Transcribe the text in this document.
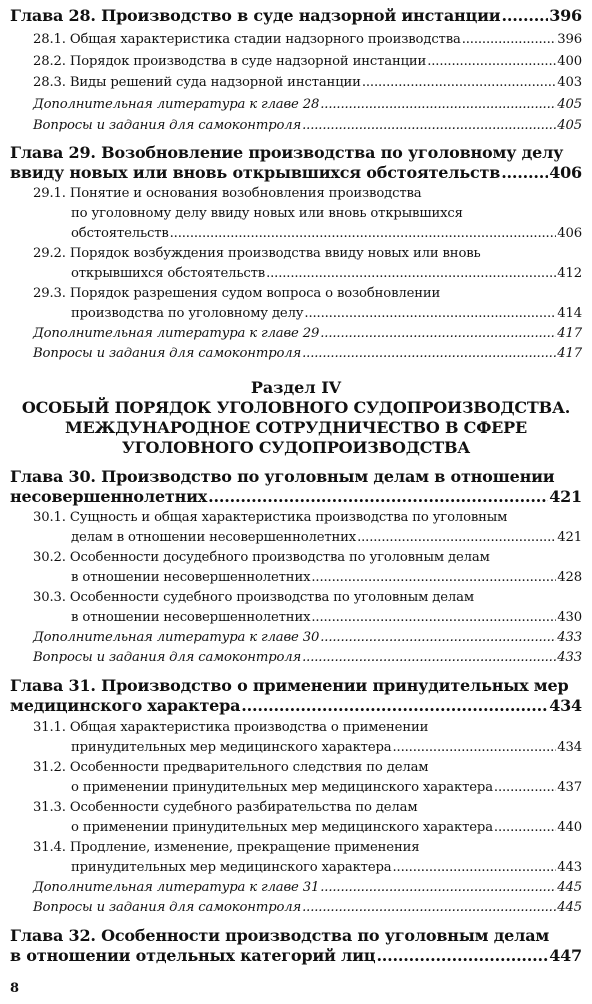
Глава 28. Производство в суде надзорной инстанции .....	396
28.1. Общая характеристика стадии надзорного производства .....	396
28.2. Порядок производства в суде надзорной инстанции .....	400
28.3. Виды решений суда надзорной инстанции .....	403
Дополнительная литература к главе 28 .....	405
Вопросы и задания для самоконтроля .....	405
Глава 29. Возобновление производства по уголовному делу
ввиду новых или вновь открывшихся обстоятельств .....	406
29.1. Понятие и основания возобновления производства
по уголовному делу ввиду новых или вновь открывшихся
обстоятельств .....	406
29.2. Порядок возбуждения производства ввиду новых или вновь
открывшихся обстоятельств .....	412
29.3. Порядок разрешения судом вопроса о возобновлении
производства по уголовному делу .....	414
Дополнительная литература к главе 29 .....	417
Вопросы и задания для самоконтроля .....	417
Раздел IV
ОСОБЫЙ ПОРЯДОК УГОЛОВНОГО СУДОПРОИЗВОДСТВА.
МЕЖДУНАРОДНОЕ СОТРУДНИЧЕСТВО В СФЕРЕ
УГОЛОВНОГО СУДОПРОИЗВОДСТВА
Глава 30. Производство по уголовным делам в отношении
несовершеннолетних .....	421
30.1. Сущность и общая характеристика производства по уголовным
делам в отношении несовершеннолетних .....	421
30.2. Особенности досудебного производства по уголовным делам
в отношении несовершеннолетних .....	428
30.3. Особенности судебного производства по уголовным делам
в отношении несовершеннолетних .....	430
Дополнительная литература к главе 30 .....	433
Вопросы и задания для самоконтроля .....	433
Глава 31. Производство о применении принудительных мер
медицинского характера .....	434
31.1. Общая характеристика производства о применении
принудительных мер медицинского характера .....	434
31.2. Особенности предварительного следствия по делам
о применении принудительных мер медицинского характера .....	437
31.3. Особенности судебного разбирательства по делам
о применении принудительных мер медицинского характера .....	440
31.4. Продление, изменение, прекращение применения
принудительных мер медицинского характера .....	443
Дополнительная литература к главе 31 .....	445
Вопросы и задания для самоконтроля .....	445
Глава 32. Особенности производства по уголовным делам
в отношении отдельных категорий лиц .....	447
8
